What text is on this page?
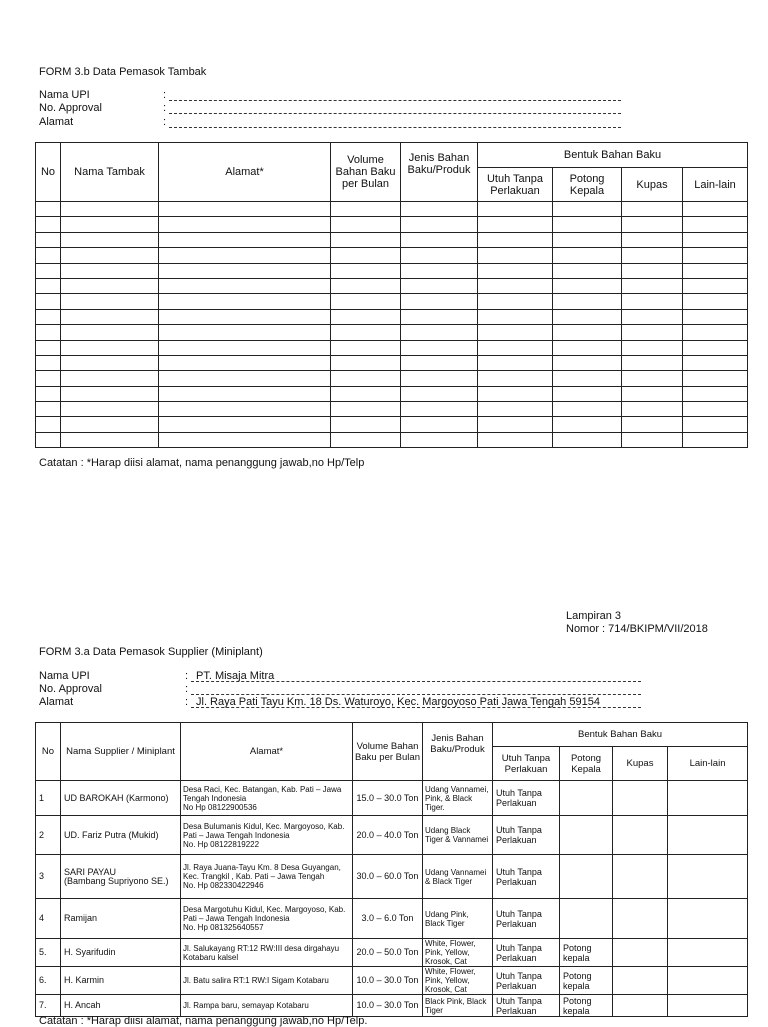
FORM 3.b Data Pemasok Tambak
Nama UPI	:
No. Approval	:
Alamat	:
No	Nama Tambak	Alamat*	Volume Bahan Baku per Bulan	Jenis Bahan Baku/Produk	Bentuk Bahan Baku			
					Utuh Tanpa Perlakuan	Potong Kepala	Kupas	Lain-lain

Catatan : *Harap diisi alamat, nama penanggung jawab,no Hp/Telp
Lampiran 3
Nomor : 714/BKIPM/VII/2018
FORM 3.a Data Pemasok Supplier (Miniplant)
Nama UPI	: PT. Misaja Mitra
No. Approval	:
Alamat	: Jl. Raya Pati Tayu Km. 18 Ds. Waturoyo, Kec. Margoyoso Pati Jawa Tengah 59154
No	Nama Supplier / Miniplant	Alamat*	Volume Bahan Baku per Bulan	Jenis Bahan Baku/Produk	Bentuk Bahan Baku			
					Utuh Tanpa Perlakuan	Potong Kepala	Kupas	Lain-lain
1	UD BAROKAH (Karmono)	Desa Raci, Kec. Batangan, Kab. Pati – Jawa Tengah Indonesia
No Hp 08122900536	15.0 – 30.0 Ton	Udang Vannamei, Pink, & Black Tiger.	Utuh Tanpa Perlakuan			
2	UD. Fariz Putra (Mukid)	Desa Bulumanis Kidul, Kec. Margoyoso, Kab. Pati – Jawa Tengah Indonesia
No. Hp 08122819222	20.0 – 40.0 Ton	Udang Black Tiger & Vannamei	Utuh Tanpa Perlakuan			
3	SARI PAYAU
(Bambang Supriyono SE.)	Jl. Raya Juana-Tayu Km. 8 Desa Guyangan, Kec. Trangkil , Kab. Pati – Jawa Tengah
No. Hp 082330422946	30.0 – 60.0 Ton	Udang Vannamei & Black Tiger	Utuh Tanpa Perlakuan			
4	Ramijan	Desa Margotuhu Kidul, Kec. Margoyoso, Kab. Pati – Jawa Tengah Indonesia
No. Hp 081325640557	3.0 – 6.0 Ton	Udang Pink, Black Tiger	Utuh Tanpa Perlakuan			
5.	H. Syarifudin	Jl. Salukayang RT:12 RW:III desa dirgahayu Kotabaru kalsel	20.0 – 50.0 Ton	White, Flower, Pink, Yellow, Krosok, Cat	Utuh Tanpa Perlakuan	Potong kepala		
6.	H. Karmin	Jl. Batu salira RT:1 RW:I Sigam Kotabaru	10.0 – 30.0 Ton	White, Flower, Pink, Yellow, Krosok, Cat	Utuh Tanpa Perlakuan	Potong kepala		
7.	H. Ancah	Jl. Rampa baru, semayap Kotabaru	10.0 – 30.0 Ton	Black Pink, Black Tiger	Utuh Tanpa Perlakuan	Potong kepala		
Catatan : *Harap diisi alamat, nama penanggung jawab,no Hp/Telp.
